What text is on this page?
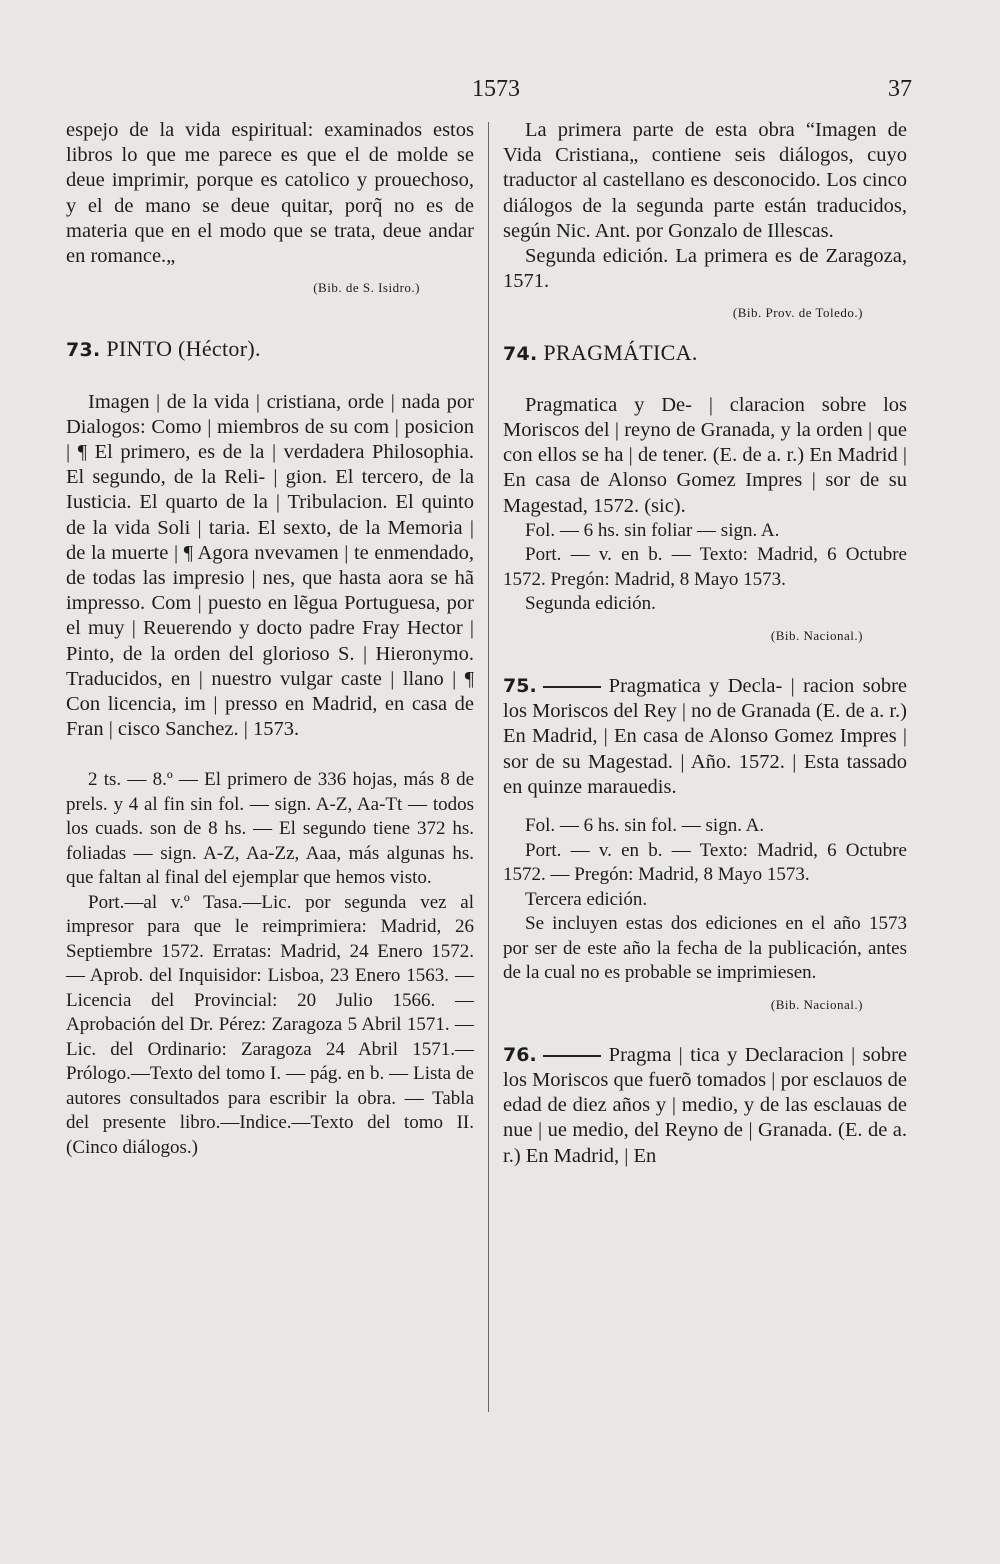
1573	37

espejo de la vida espiritual: examinados estos libros lo que me parece es que el de molde se deue imprimir, porque es catolico y prouechoso, y el de mano se deue quitar, porq̃ no es de materia que en el modo que se trata, deue andar en romance.„

(Bib. de S. Isidro.)

73. PINTO (Héctor).

Imagen | de la vida | cristiana, orde | nada por Dialogos: Como | miembros de su com | posicion | ¶ El primero, es de la | verdadera Philosophia. El segundo, de la Reli- | gion. El tercero, de la Iusticia. El quarto de la | Tribulacion. El quinto de la vida Soli | taria. El sexto, de la Memoria | de la muerte | ¶ Agora nvevamen | te enmendado, de todas las impresio | nes, que hasta aora se hã impresso. Com | puesto en lẽgua Portuguesa, por el muy | Reuerendo y docto padre Fray Hector | Pinto, de la orden del glorioso S. | Hieronymo. Traducidos, en | nuestro vulgar caste | llano | ¶ Con licencia, im | presso en Madrid, en casa de Fran | cisco Sanchez. | 1573.

2 ts. — 8.º — El primero de 336 hojas, más 8 de prels. y 4 al fin sin fol. — sign. A-Z, Aa-Tt — todos los cuads. son de 8 hs. — El segundo tiene 372 hs. foliadas — sign. A-Z, Aa-Zz, Aaa, más algunas hs. que faltan al final del ejemplar que hemos visto.

Port.—al v.º Tasa.—Lic. por segunda vez al impresor para que le reimprimiera: Madrid, 26 Septiembre 1572. Erratas: Madrid, 24 Enero 1572. — Aprob. del Inquisidor: Lisboa, 23 Enero 1563. — Licencia del Provincial: 20 Julio 1566. — Aprobación del Dr. Pérez: Zaragoza 5 Abril 1571. — Lic. del Ordinario: Zaragoza 24 Abril 1571.—Prólogo.—Texto del tomo I. — pág. en b. — Lista de autores consultados para escribir la obra. — Tabla del presente libro.—Indice.—Texto del tomo II. (Cinco diálogos.)

La primera parte de esta obra “Imagen de Vida Cristiana„ contiene seis diálogos, cuyo traductor al castellano es desconocido. Los cinco diálogos de la segunda parte están traducidos, según Nic. Ant. por Gonzalo de Illescas.

Segunda edición. La primera es de Zaragoza, 1571.

(Bib. Prov. de Toledo.)

74. PRAGMÁTICA.

Pragmatica y De- | claracion sobre los Moriscos del | reyno de Granada, y la orden | que con ellos se ha | de tener. (E. de a. r.) En Madrid | En casa de Alonso Gomez Impres | sor de su Magestad, 1572. (sic).

Fol. — 6 hs. sin foliar — sign. A.

Port. — v. en b. — Texto: Madrid, 6 Octubre 1572. Pregón: Madrid, 8 Mayo 1573.

Segunda edición.

(Bib. Nacional.)

75.	Pragmatica y Decla- | racion sobre los Moriscos del Rey | no de Granada (E. de a. r.) En Madrid, | En casa de Alonso Gomez Impres | sor de su Magestad. | Año. 1572. | Esta tassado en quinze marauedis.

Fol. — 6 hs. sin fol. — sign. A.

Port. — v. en b. — Texto: Madrid, 6 Octubre 1572. — Pregón: Madrid, 8 Mayo 1573.

Tercera edición.

Se incluyen estas dos ediciones en el año 1573 por ser de este año la fecha de la publicación, antes de la cual no es probable se imprimiesen.

(Bib. Nacional.)

76.	Pragma | tica y Declaracion | sobre los Moriscos que fuerõ tomados | por esclauos de edad de diez años y | medio, y de las esclauas de nue | ue medio, del Reyno de | Granada. (E. de a. r.) En Madrid, | En
